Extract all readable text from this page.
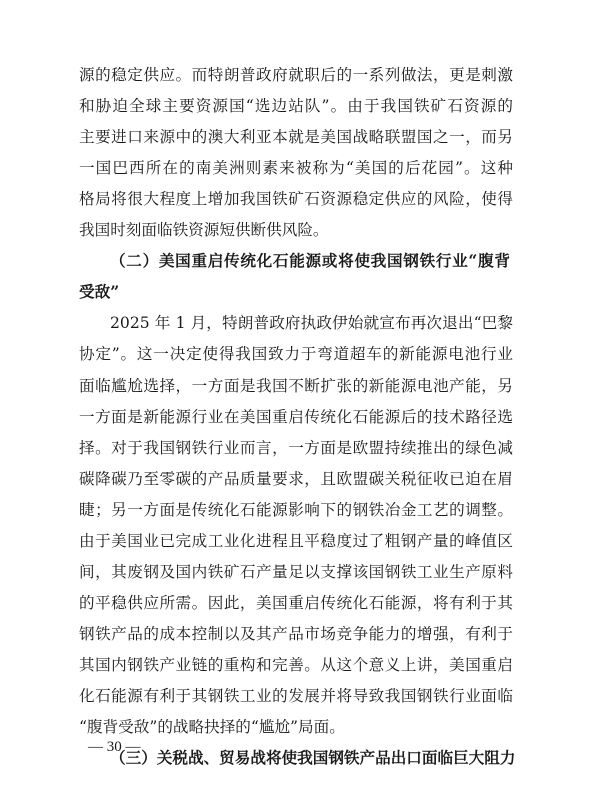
源的稳定供应。而特朗普政府就职后的一系列做法，更是刺激
和胁迫全球主要资源国“选边站队”。由于我国铁矿石资源的
主要进口来源中的澳大利亚本就是美国战略联盟国之一，而另
一国巴西所在的南美洲则素来被称为“美国的后花园”。这种
格局将很大程度上增加我国铁矿石资源稳定供应的风险，使得
我国时刻面临铁资源短供断供风险。
（二）美国重启传统化石能源或将使我国钢铁行业“腹背
受敌”
2025 年 1 月，特朗普政府执政伊始就宣布再次退出“巴黎
协定”。这一决定使得我国致力于弯道超车的新能源电池行业
面临尴尬选择，一方面是我国不断扩张的新能源电池产能，另
一方面是新能源行业在美国重启传统化石能源后的技术路径选
择。对于我国钢铁行业而言，一方面是欧盟持续推出的绿色减
碳降碳乃至零碳的产品质量要求，且欧盟碳关税征收已迫在眉
睫；另一方面是传统化石能源影响下的钢铁冶金工艺的调整。
由于美国业已完成工业化进程且平稳度过了粗钢产量的峰值区
间，其废钢及国内铁矿石产量足以支撑该国钢铁工业生产原料
的平稳供应所需。因此，美国重启传统化石能源，将有利于其
钢铁产品的成本控制以及其产品市场竞争能力的增强，有利于
其国内钢铁产业链的重构和完善。从这个意义上讲，美国重启
化石能源有利于其钢铁工业的发展并将导致我国钢铁行业面临
“腹背受敌”的战略抉择的“尴尬”局面。
（三）关税战、贸易战将使我国钢铁产品出口面临巨大阻力
— 30 —
